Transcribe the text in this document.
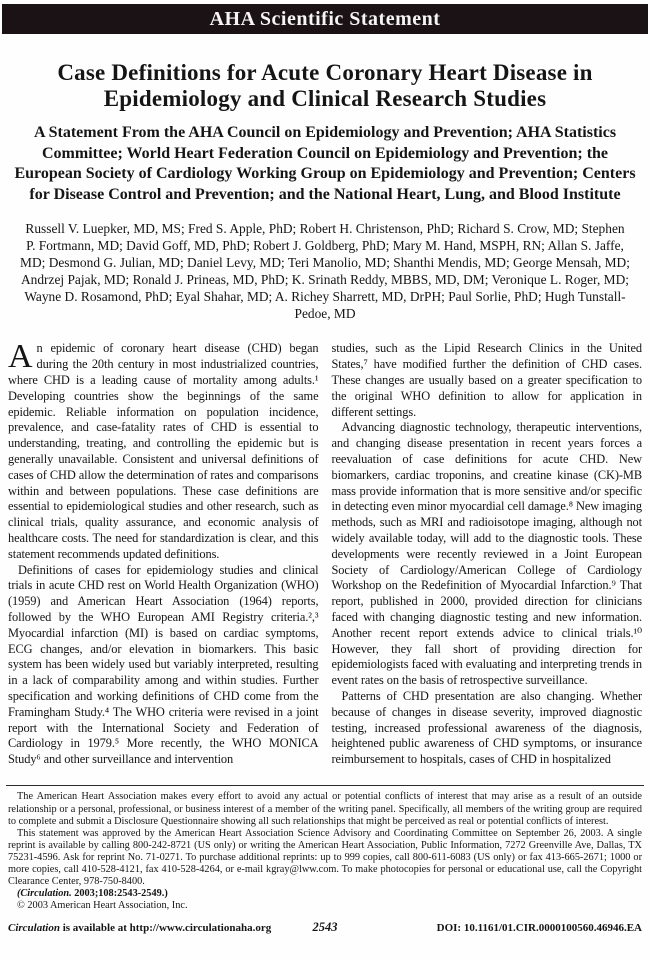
AHA Scientific Statement
Case Definitions for Acute Coronary Heart Disease in Epidemiology and Clinical Research Studies
A Statement From the AHA Council on Epidemiology and Prevention; AHA Statistics Committee; World Heart Federation Council on Epidemiology and Prevention; the European Society of Cardiology Working Group on Epidemiology and Prevention; Centers for Disease Control and Prevention; and the National Heart, Lung, and Blood Institute

Russell V. Luepker, MD, MS; Fred S. Apple, PhD; Robert H. Christenson, PhD; Richard S. Crow, MD; Stephen P. Fortmann, MD; David Goff, MD, PhD; Robert J. Goldberg, PhD; Mary M. Hand, MSPH, RN; Allan S. Jaffe, MD; Desmond G. Julian, MD; Daniel Levy, MD; Teri Manolio, MD; Shanthi Mendis, MD; George Mensah, MD; Andrzej Pajak, MD; Ronald J. Prineas, MD, PhD; K. Srinath Reddy, MBBS, MD, DM; Veronique L. Roger, MD; Wayne D. Rosamond, PhD; Eyal Shahar, MD; A. Richey Sharrett, MD, DrPH; Paul Sorlie, PhD; Hugh Tunstall-Pedoe, MD

An epidemic of coronary heart disease (CHD) began during the 20th century in most industrialized countries, where CHD is a leading cause of mortality among adults.¹ Developing countries show the beginnings of the same epidemic. Reliable information on population incidence, prevalence, and case-fatality rates of CHD is essential to understanding, treating, and controlling the epidemic but is generally unavailable. Consistent and universal definitions of cases of CHD allow the determination of rates and comparisons within and between populations. These case definitions are essential to epidemiological studies and other research, such as clinical trials, quality assurance, and economic analysis of healthcare costs. The need for standardization is clear, and this statement recommends updated definitions.

Definitions of cases for epidemiology studies and clinical trials in acute CHD rest on World Health Organization (WHO) (1959) and American Heart Association (1964) reports, followed by the WHO European AMI Registry criteria.²,³ Myocardial infarction (MI) is based on cardiac symptoms, ECG changes, and/or elevation in biomarkers. This basic system has been widely used but variably interpreted, resulting in a lack of comparability among and within studies. Further specification and working definitions of CHD come from the Framingham Study.⁴ The WHO criteria were revised in a joint report with the International Society and Federation of Cardiology in 1979.⁵ More recently, the WHO MONICA Study⁶ and other surveillance and intervention

studies, such as the Lipid Research Clinics in the United States,⁷ have modified further the definition of CHD cases. These changes are usually based on a greater specification to the original WHO definition to allow for application in different settings.

Advancing diagnostic technology, therapeutic interventions, and changing disease presentation in recent years forces a reevaluation of case definitions for acute CHD. New biomarkers, cardiac troponins, and creatine kinase (CK)-MB mass provide information that is more sensitive and/or specific in detecting even minor myocardial cell damage.⁸ New imaging methods, such as MRI and radioisotope imaging, although not widely available today, will add to the diagnostic tools. These developments were recently reviewed in a Joint European Society of Cardiology/American College of Cardiology Workshop on the Redefinition of Myocardial Infarction.⁹ That report, published in 2000, provided direction for clinicians faced with changing diagnostic testing and new information. Another recent report extends advice to clinical trials.¹⁰ However, they fall short of providing direction for epidemiologists faced with evaluating and interpreting trends in event rates on the basis of retrospective surveillance.

Patterns of CHD presentation are also changing. Whether because of changes in disease severity, improved diagnostic testing, increased professional awareness of the diagnosis, heightened public awareness of CHD symptoms, or insurance reimbursement to hospitals, cases of CHD in hospitalized

The American Heart Association makes every effort to avoid any actual or potential conflicts of interest that may arise as a result of an outside relationship or a personal, professional, or business interest of a member of the writing panel. Specifically, all members of the writing group are required to complete and submit a Disclosure Questionnaire showing all such relationships that might be perceived as real or potential conflicts of interest.

This statement was approved by the American Heart Association Science Advisory and Coordinating Committee on September 26, 2003. A single reprint is available by calling 800-242-8721 (US only) or writing the American Heart Association, Public Information, 7272 Greenville Ave, Dallas, TX 75231-4596. Ask for reprint No. 71-0271. To purchase additional reprints: up to 999 copies, call 800-611-6083 (US only) or fax 413-665-2671; 1000 or more copies, call 410-528-4121, fax 410-528-4264, or e-mail kgray@lww.com. To make photocopies for personal or educational use, call the Copyright Clearance Center, 978-750-8400.

(Circulation. 2003;108:2543-2549.)

© 2003 American Heart Association, Inc.

Circulation is available at http://www.circulationaha.org	2543	DOI: 10.1161/01.CIR.0000100560.46946.EA
